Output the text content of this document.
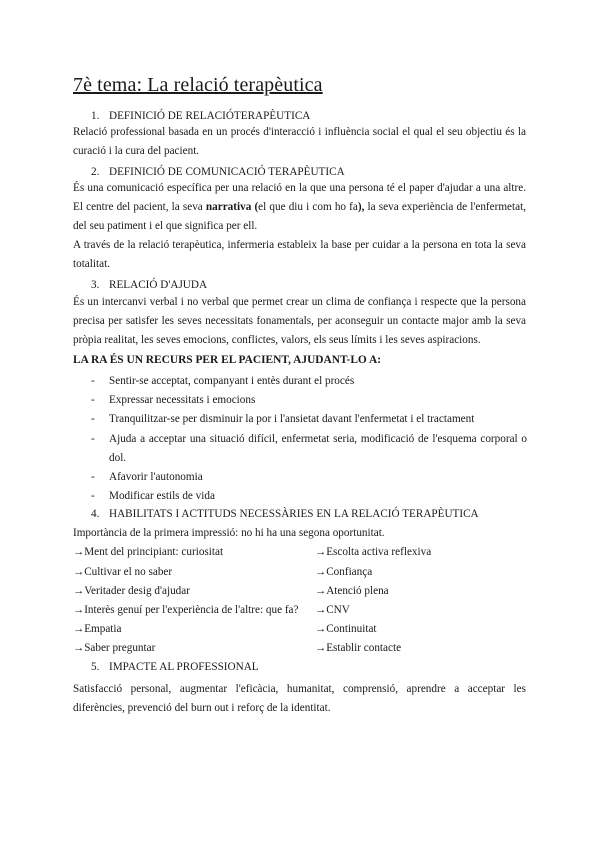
7è tema: La relació terapèutica
1. DEFINICIÓ DE RELACIÓTERAPÈUTICA
Relació professional basada en un procés d'interacció i influència social el qual el seu objectiu és la curació i la cura del pacient.
2. DEFINICIÓ DE COMUNICACIÓ TERAPÈUTICA
És una comunicació específica per una relació en la que una persona té el paper d'ajudar a una altre. El centre del pacient, la seva narrativa (el que diu i com ho fa), la seva experiència de l'enfermetat, del seu patiment i el que significa per ell.
A través de la relació terapèutica, infermeria estableix la base per cuidar a la persona en tota la seva totalitat.
3. RELACIÓ D'AJUDA
És un intercanvi verbal i no verbal que permet crear un clima de confiança i respecte que la persona precisa per satisfer les seves necessitats fonamentals, per aconseguir un contacte major amb la seva pròpia realitat, les seves emocions, conflictes, valors, els seus límits i les seves aspiracions.
LA RA ÉS UN RECURS PER EL PACIENT, AJUDANT-LO A:
- Sentir-se acceptat, companyant i entès durant el procés
- Expressar necessitats i emocions
- Tranquilitzar-se per disminuir la por i l'ansietat davant l'enfermetat i el tractament
- Ajuda a acceptar una situació difícil, enfermetat seria, modificació de l'esquema corporal o dol.
- Afavorir l'autonomia
- Modificar estils de vida
4. HABILITATS I ACTITUDS NECESSÀRIES EN LA RELACIÓ TERAPÈUTICA
Importància de la primera impressió: no hi ha una segona oportunitat.
→Ment del principiant: curiositat
→Cultivar el no saber
→Veritader desig d'ajudar
→Interès genuí per l'experiència de l'altre: que fa?
→Empatia
→Saber preguntar
→Escolta activa reflexiva
→Confiança
→Atenció plena
→CNV
→Continuitat
→Establir contacte
5. IMPACTE AL PROFESSIONAL
Satisfacció personal, augmentar l'eficàcia, humanitat, comprensió, aprendre a acceptar les diferències, prevenció del burn out i reforç de la identitat.
